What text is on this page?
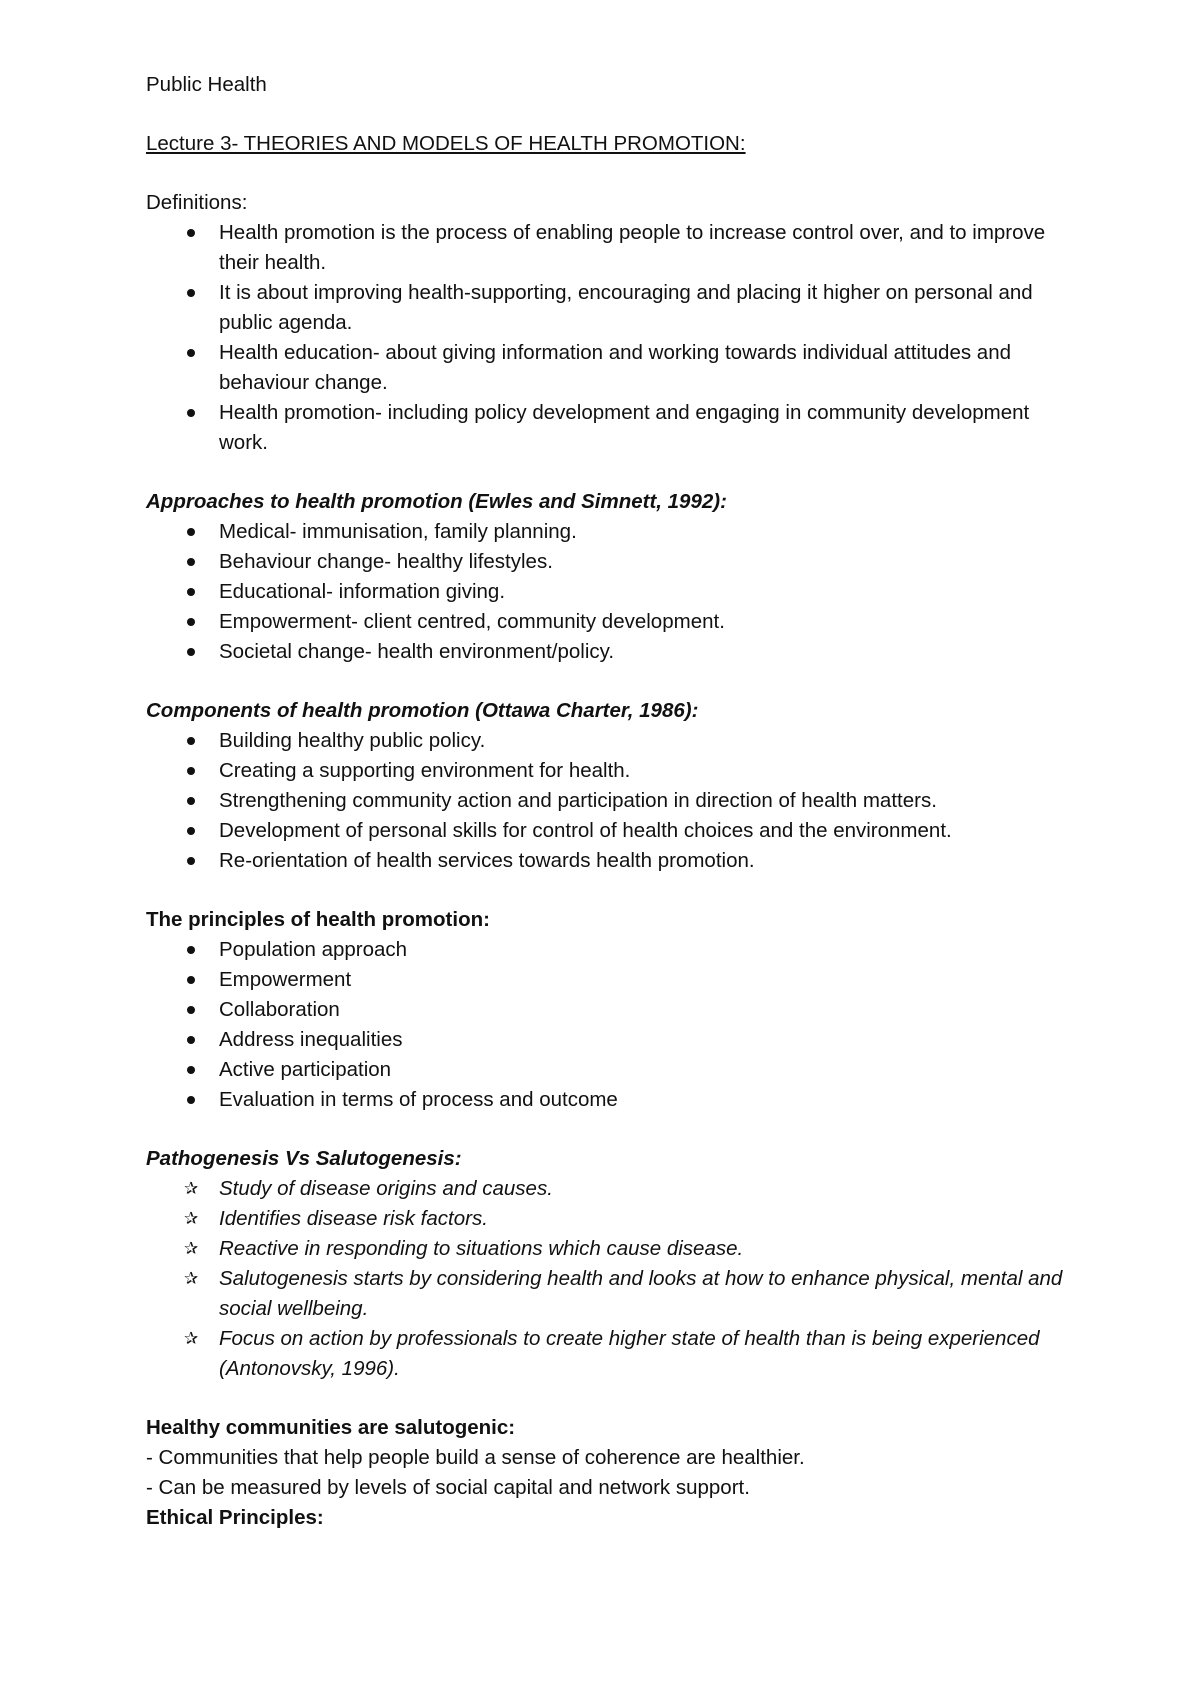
Public Health

Lecture 3- THEORIES AND MODELS OF HEALTH PROMOTION:

Definitions:

Health promotion is the process of enabling people to increase control over, and to improve their health.
It is about improving health-supporting, encouraging and placing it higher on personal and public agenda.
Health education- about giving information and working towards individual attitudes and behaviour change.
Health promotion- including policy development and engaging in community development work.

Approaches to health promotion (Ewles and Simnett, 1992):

Medical- immunisation, family planning.
Behaviour change- healthy lifestyles.
Educational- information giving.
Empowerment- client centred, community development.
Societal change- health environment/policy.

Components of health promotion (Ottawa Charter, 1986):

Building healthy public policy.
Creating a supporting environment for health.
Strengthening community action and participation in direction of health matters.
Development of personal skills for control of health choices and the environment.
Re-orientation of health services towards health promotion.

The principles of health promotion:

Population approach
Empowerment
Collaboration
Address inequalities
Active participation
Evaluation in terms of process and outcome

Pathogenesis Vs Salutogenesis:

✰ Study of disease origins and causes.
✰ Identifies disease risk factors.
✰ Reactive in responding to situations which cause disease.
✰ Salutogenesis starts by considering health and looks at how to enhance physical, mental and social wellbeing.
✰ Focus on action by professionals to create higher state of health than is being experienced (Antonovsky, 1996).

Healthy communities are salutogenic:

- Communities that help people build a sense of coherence are healthier.

- Can be measured by levels of social capital and network support.

Ethical Principles:
